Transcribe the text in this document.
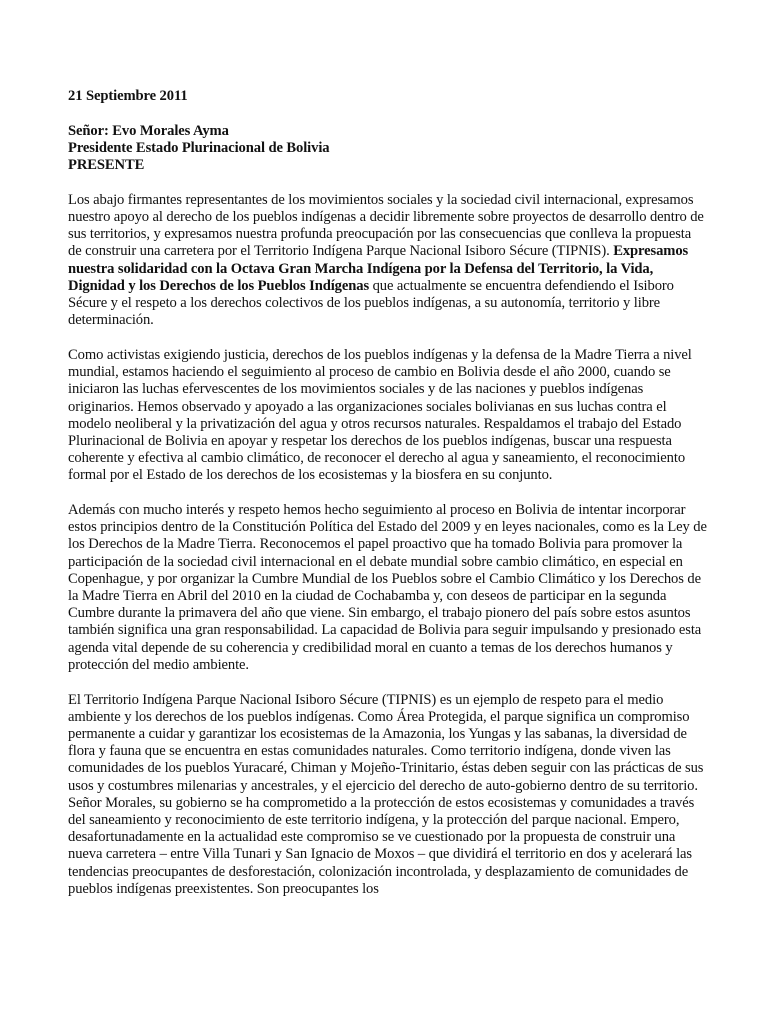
21 Septiembre 2011
Señor: Evo Morales Ayma
Presidente Estado Plurinacional de Bolivia
PRESENTE

Los abajo firmantes representantes de los movimientos sociales y la sociedad civil internacional, expresamos nuestro apoyo al derecho de los pueblos indígenas a decidir libremente sobre proyectos de desarrollo dentro de sus territorios, y expresamos nuestra profunda preocupación por las consecuencias que conlleva la propuesta de construir una carretera por el Territorio Indígena Parque Nacional Isiboro Sécure (TIPNIS). Expresamos nuestra solidaridad con la Octava Gran Marcha Indígena por la Defensa del Territorio, la Vida, Dignidad y los Derechos de los Pueblos Indígenas que actualmente se encuentra defendiendo el Isiboro Sécure y el respeto a los derechos colectivos de los pueblos indígenas, a su autonomía, territorio y libre determinación.

Como activistas exigiendo justicia, derechos de los pueblos indígenas y la defensa de la Madre Tierra a nivel mundial, estamos haciendo el seguimiento al proceso de cambio en Bolivia desde el año 2000, cuando se iniciaron las luchas efervescentes de los movimientos sociales y de las naciones y pueblos indígenas originarios. Hemos observado y apoyado a las organizaciones sociales bolivianas en sus luchas contra el modelo neoliberal y la privatización del agua y otros recursos naturales. Respaldamos el trabajo del Estado Plurinacional de Bolivia en apoyar y respetar los derechos de los pueblos indígenas, buscar una respuesta coherente y efectiva al cambio climático, de reconocer el derecho al agua y saneamiento, el reconocimiento formal por el Estado de los derechos de los ecosistemas y la biosfera en su conjunto.

Además con mucho interés y respeto hemos hecho seguimiento al proceso en Bolivia de intentar incorporar estos principios dentro de la Constitución Política del Estado del 2009 y en leyes nacionales, como es la Ley de los Derechos de la Madre Tierra. Reconocemos el papel proactivo que ha tomado Bolivia para promover la participación de la sociedad civil internacional en el debate mundial sobre cambio climático, en especial en Copenhague, y por organizar la Cumbre Mundial de los Pueblos sobre el Cambio Climático y los Derechos de la Madre Tierra en Abril del 2010 en la ciudad de Cochabamba y, con deseos de participar en la segunda Cumbre durante la primavera del año que viene. Sin embargo, el trabajo pionero del país sobre estos asuntos también significa una gran responsabilidad. La capacidad de Bolivia para seguir impulsando y presionado esta agenda vital depende de su coherencia y credibilidad moral en cuanto a temas de los derechos humanos y protección del medio ambiente.

El Territorio Indígena Parque Nacional Isiboro Sécure (TIPNIS) es un ejemplo de respeto para el medio ambiente y los derechos de los pueblos indígenas. Como Área Protegida, el parque significa un compromiso permanente a cuidar y garantizar los ecosistemas de la Amazonia, los Yungas y las sabanas, la diversidad de flora y fauna que se encuentra en estas comunidades naturales. Como territorio indígena, donde viven las comunidades de los pueblos Yuracaré, Chiman y Mojeño-Trinitario, éstas deben seguir con las prácticas de sus usos y costumbres milenarias y ancestrales, y el ejercicio del derecho de auto-gobierno dentro de su territorio. Señor Morales, su gobierno se ha comprometido a la protección de estos ecosistemas y comunidades a través del saneamiento y reconocimiento de este territorio indígena, y la protección del parque nacional. Empero, desafortunadamente en la actualidad este compromiso se ve cuestionado por la propuesta de construir una nueva carretera – entre Villa Tunari y San Ignacio de Moxos – que dividirá el territorio en dos y acelerará las tendencias preocupantes de desforestación, colonización incontrolada, y desplazamiento de comunidades de pueblos indígenas preexistentes. Son preocupantes los
